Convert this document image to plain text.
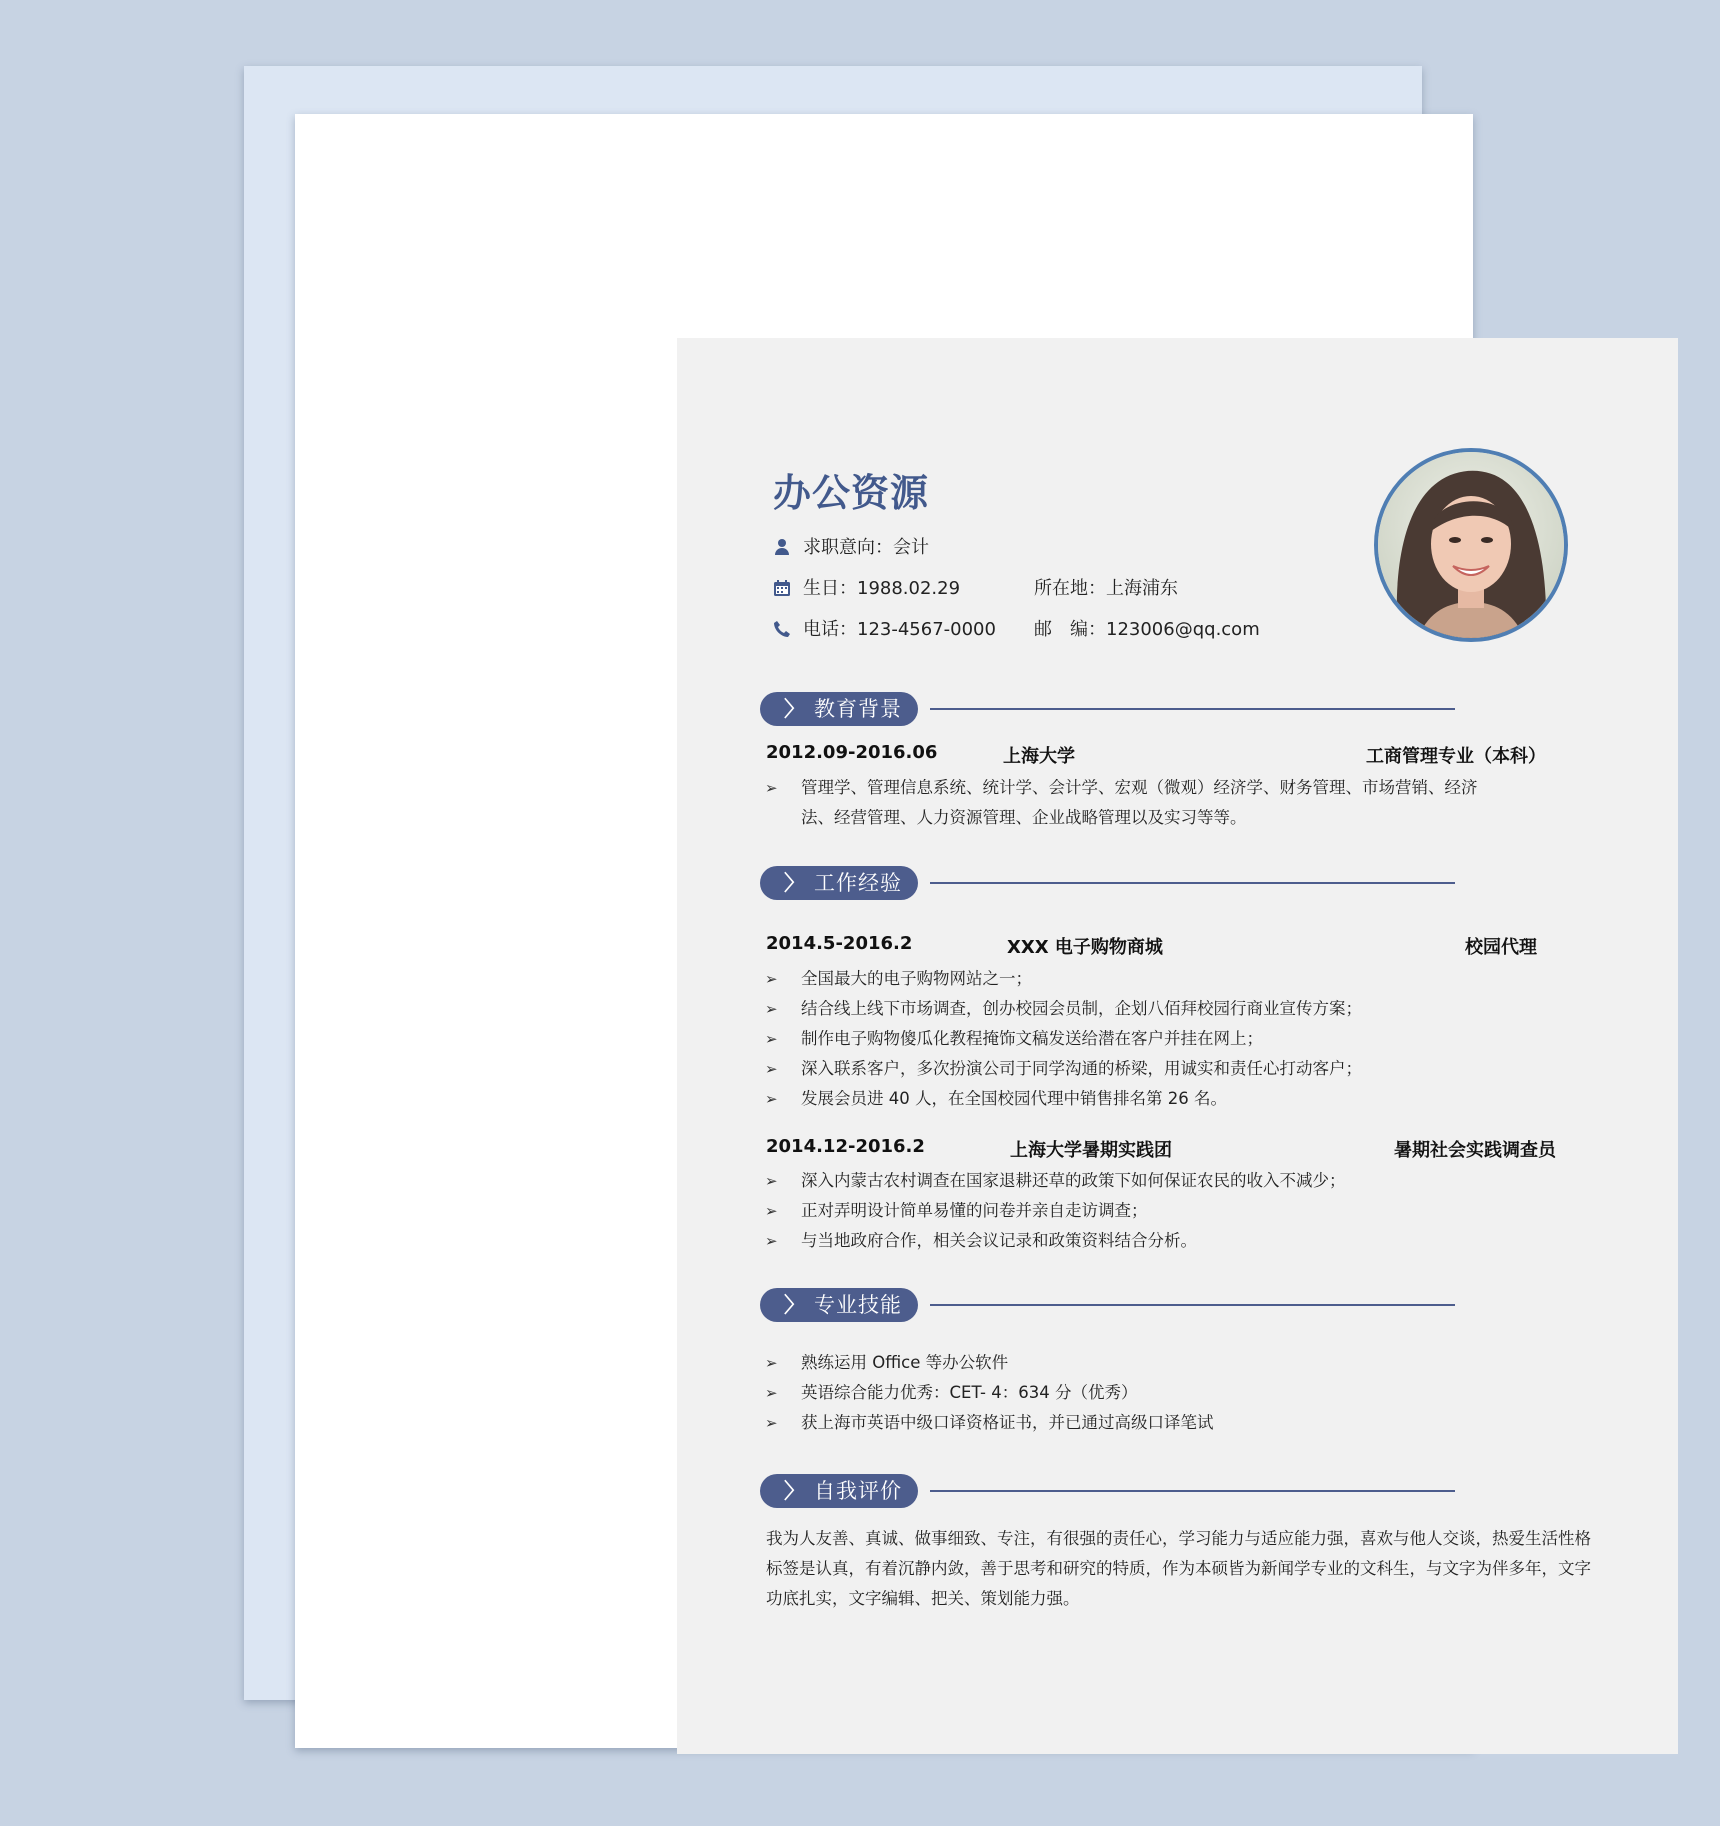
办公资源
求职意向：会计
生日：1988.02.29	所在地：上海浦东
电话：123-4567-0000 邮　编：123006@qq.com
〉 教育背景
2012.09-2016.06	上海大学	工商管理专业（本科）
➢ 管理学、管理信息系统、统计学、会计学、宏观（微观）经济学、财务管理、市场营销、经济法、经营管理、人力资源管理、企业战略管理以及实习等等。
〉 工作经验
2014.5-2016.2	XXX 电子购物商城	校园代理
➢ 全国最大的电子购物网站之一；
➢ 结合线上线下市场调查，创办校园会员制，企划八佰拜校园行商业宣传方案；
➢ 制作电子购物傻瓜化教程掩饰文稿发送给潜在客户并挂在网上；
➢ 深入联系客户，多次扮演公司于同学沟通的桥梁，用诚实和责任心打动客户；
➢ 发展会员进 40 人，在全国校园代理中销售排名第 26 名。
2014.12-2016.2	上海大学暑期实践团	暑期社会实践调查员
➢ 深入内蒙古农村调查在国家退耕还草的政策下如何保证农民的收入不减少；
➢ 正对弄明设计简单易懂的问卷并亲自走访调查；
➢ 与当地政府合作，相关会议记录和政策资料结合分析。
〉 专业技能
➢ 熟练运用 Office 等办公软件
➢ 英语综合能力优秀：CET- 4：634 分（优秀）
➢ 获上海市英语中级口译资格证书，并已通过高级口译笔试
〉 自我评价

我为人友善、真诚、做事细致、专注，有很强的责任心，学习能力与适应能力强，喜欢与他人交谈，热爱生活性格标签是认真，有着沉静内敛，善于思考和研究的特质，作为本硕皆为新闻学专业的文科生，与文字为伴多年，文字功底扎实，文字编辑、把关、策划能力强。
